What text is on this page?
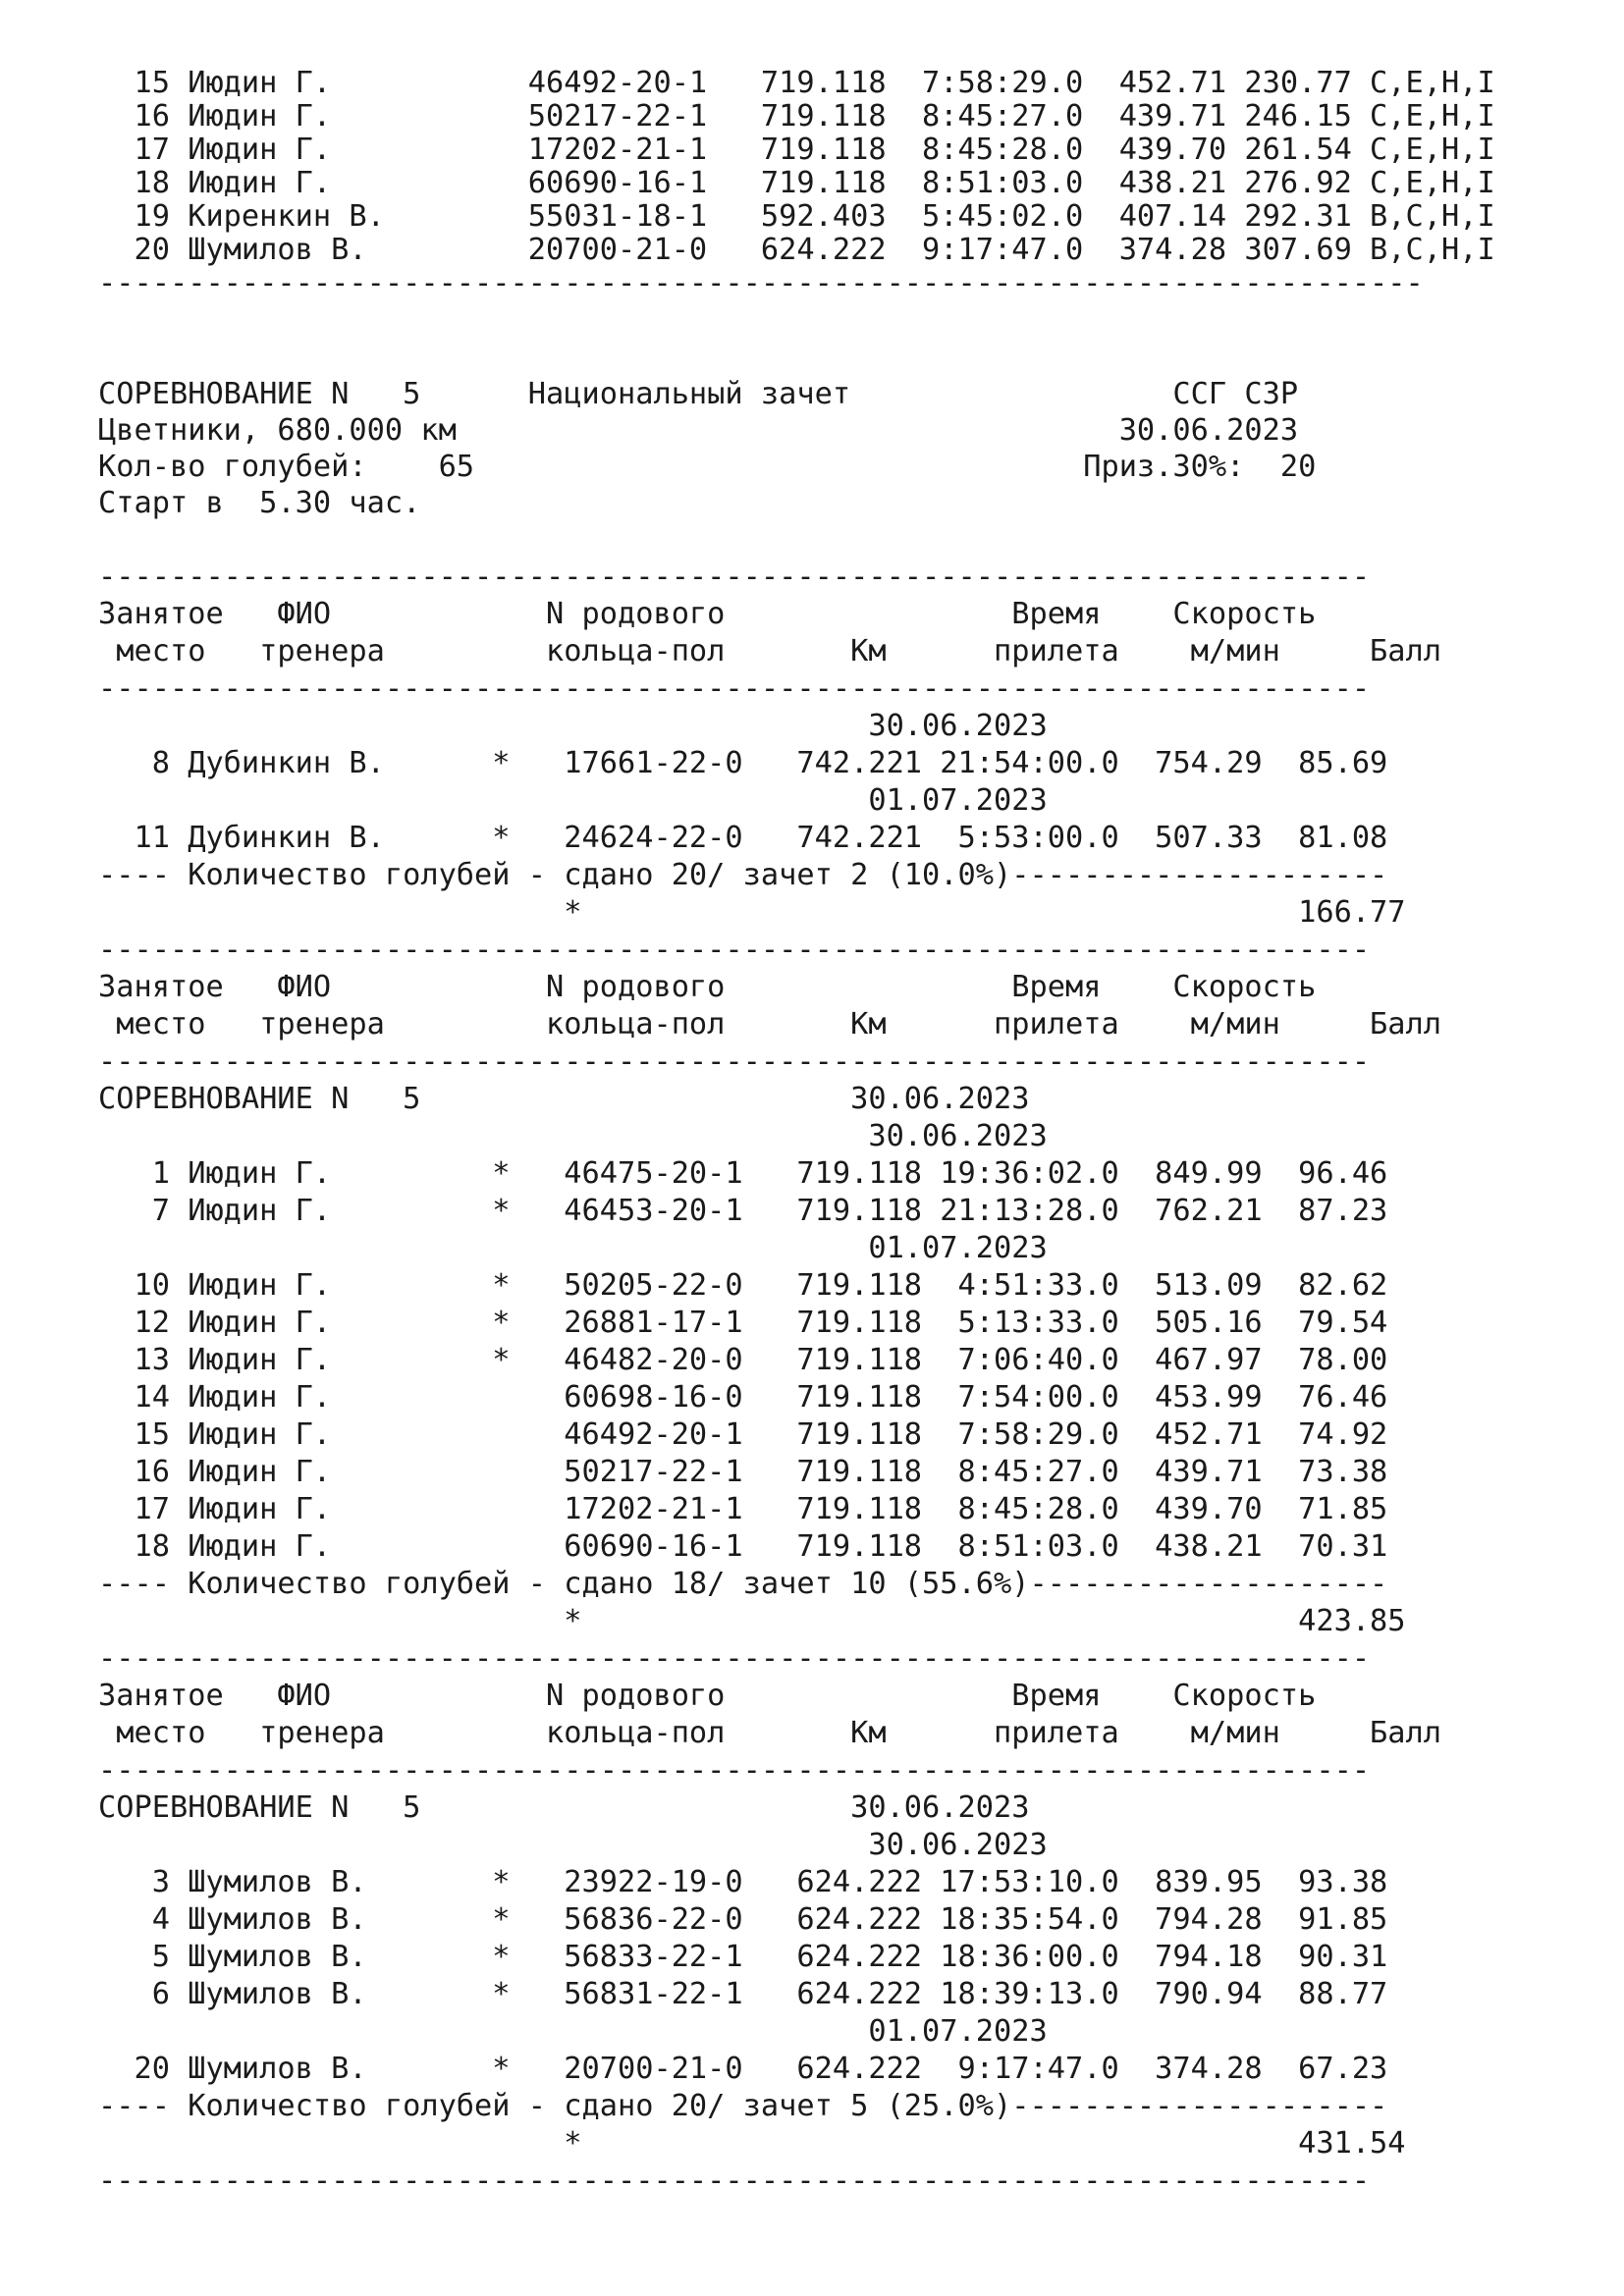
15 Июдин Г.           46492-20-1   719.118  7:58:29.0  452.71 230.77 C,E,H,I
16 Июдин Г.           50217-22-1   719.118  8:45:27.0  439.71 246.15 C,E,H,I
17 Июдин Г.           17202-21-1   719.118  8:45:28.0  439.70 261.54 C,E,H,I
18 Июдин Г.           60690-16-1   719.118  8:51:03.0  438.21 276.92 C,E,H,I
19 Киренкин В.        55031-18-1   592.403  5:45:02.0  407.14 292.31 B,C,H,I
20 Шумилов В.         20700-21-0   624.222  9:17:47.0  374.28 307.69 B,C,H,I
--------------------------------------------------------------------------
СОРЕВНОВАНИЕ N   5      Национальный зачет                  ССГ СЗР
Цветники, 680.000 км                                     30.06.2023
Кол-во голубей:    65                                  Приз.30%:  20
Старт в  5.30 час.
-----------------------------------------------------------------------
Занятое   ФИО            N родового                Время    Скорость
место   тренера         кольца-пол       Км      прилета    м/мин     Балл
-----------------------------------------------------------------------
30.06.2023
8 Дубинкин В.      *   17661-22-0   742.221 21:54:00.0  754.29  85.69
01.07.2023
11 Дубинкин В.      *   24624-22-0   742.221  5:53:00.0  507.33  81.08
---- Количество голубей - сдано 20/ зачет 2 (10.0%)---------------------
*                                        166.77
-----------------------------------------------------------------------
Занятое   ФИО            N родового                Время    Скорость
место   тренера         кольца-пол       Км      прилета    м/мин     Балл
-----------------------------------------------------------------------
СОРЕВНОВАНИЕ N   5                        30.06.2023
30.06.2023
1 Июдин Г.         *   46475-20-1   719.118 19:36:02.0  849.99  96.46
7 Июдин Г.         *   46453-20-1   719.118 21:13:28.0  762.21  87.23
01.07.2023
10 Июдин Г.         *   50205-22-0   719.118  4:51:33.0  513.09  82.62
12 Июдин Г.         *   26881-17-1   719.118  5:13:33.0  505.16  79.54
13 Июдин Г.         *   46482-20-0   719.118  7:06:40.0  467.97  78.00
14 Июдин Г.             60698-16-0   719.118  7:54:00.0  453.99  76.46
15 Июдин Г.             46492-20-1   719.118  7:58:29.0  452.71  74.92
16 Июдин Г.             50217-22-1   719.118  8:45:27.0  439.71  73.38
17 Июдин Г.             17202-21-1   719.118  8:45:28.0  439.70  71.85
18 Июдин Г.             60690-16-1   719.118  8:51:03.0  438.21  70.31
---- Количество голубей - сдано 18/ зачет 10 (55.6%)--------------------
*                                        423.85
-----------------------------------------------------------------------
Занятое   ФИО            N родового                Время    Скорость
место   тренера         кольца-пол       Км      прилета    м/мин     Балл
-----------------------------------------------------------------------
СОРЕВНОВАНИЕ N   5                        30.06.2023
30.06.2023
3 Шумилов В.       *   23922-19-0   624.222 17:53:10.0  839.95  93.38
4 Шумилов В.       *   56836-22-0   624.222 18:35:54.0  794.28  91.85
5 Шумилов В.       *   56833-22-1   624.222 18:36:00.0  794.18  90.31
6 Шумилов В.       *   56831-22-1   624.222 18:39:13.0  790.94  88.77
01.07.2023
20 Шумилов В.       *   20700-21-0   624.222  9:17:47.0  374.28  67.23
---- Количество голубей - сдано 20/ зачет 5 (25.0%)---------------------
*                                        431.54
-----------------------------------------------------------------------
